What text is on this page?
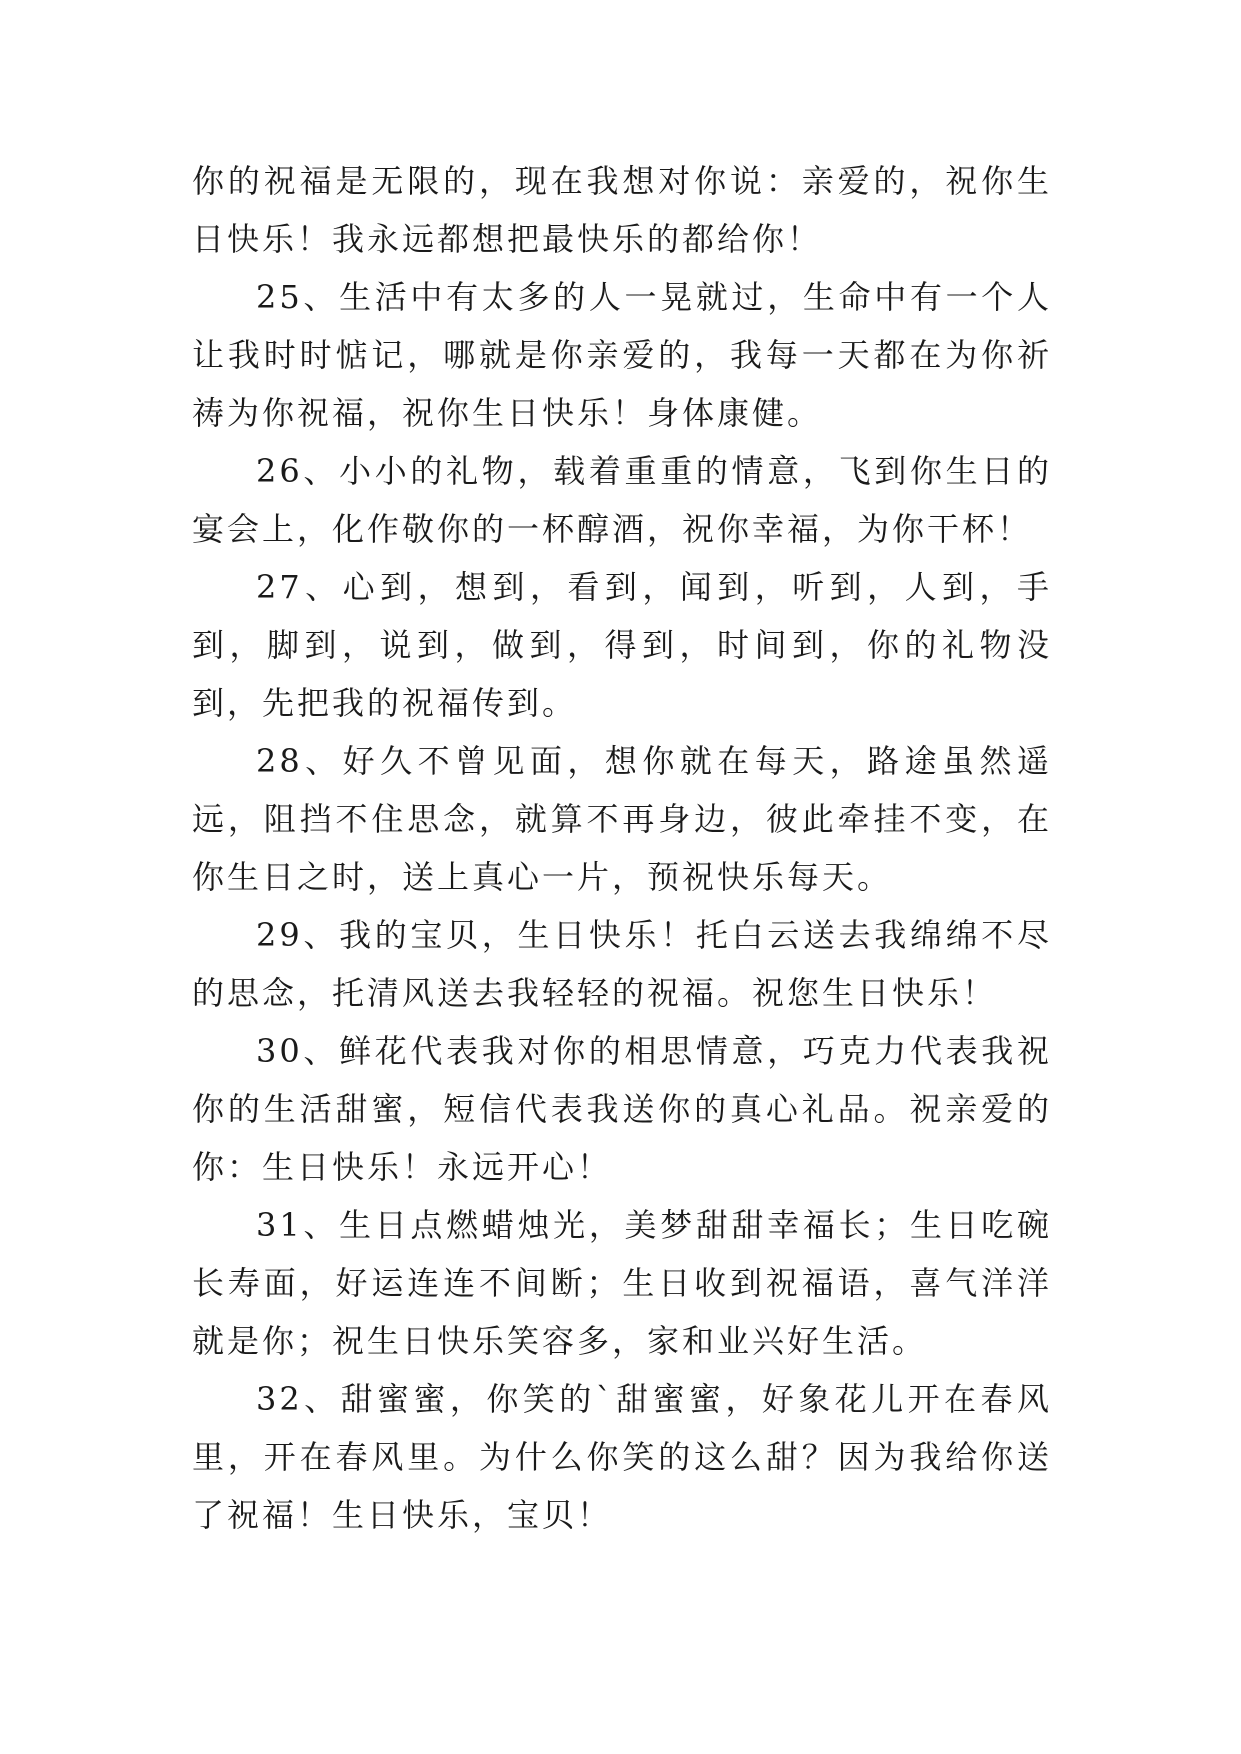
你的祝福是无限的，现在我想对你说：亲爱的，祝你生日快乐！我永远都想把最快乐的都给你！

25、生活中有太多的人一晃就过，生命中有一个人让我时时惦记，哪就是你亲爱的，我每一天都在为你祈祷为你祝福，祝你生日快乐！身体康健。

26、小小的礼物，载着重重的情意，飞到你生日的宴会上，化作敬你的一杯醇酒，祝你幸福，为你干杯！

27、心到，想到，看到，闻到，听到，人到，手到，脚到，说到，做到，得到，时间到，你的礼物没到，先把我的祝福传到。

28、好久不曾见面，想你就在每天，路途虽然遥远，阻挡不住思念，就算不再身边，彼此牵挂不变，在你生日之时，送上真心一片，预祝快乐每天。

29、我的宝贝，生日快乐！托白云送去我绵绵不尽的思念，托清风送去我轻轻的祝福。祝您生日快乐！

30、鲜花代表我对你的相思情意，巧克力代表我祝你的生活甜蜜，短信代表我送你的真心礼品。祝亲爱的你：生日快乐！永远开心！

31、生日点燃蜡烛光，美梦甜甜幸福长；生日吃碗长寿面，好运连连不间断；生日收到祝福语，喜气洋洋就是你；祝生日快乐笑容多，家和业兴好生活。

32、甜蜜蜜，你笑的`甜蜜蜜，好象花儿开在春风里，开在春风里。为什么你笑的这么甜？因为我给你送了祝福！生日快乐，宝贝！
